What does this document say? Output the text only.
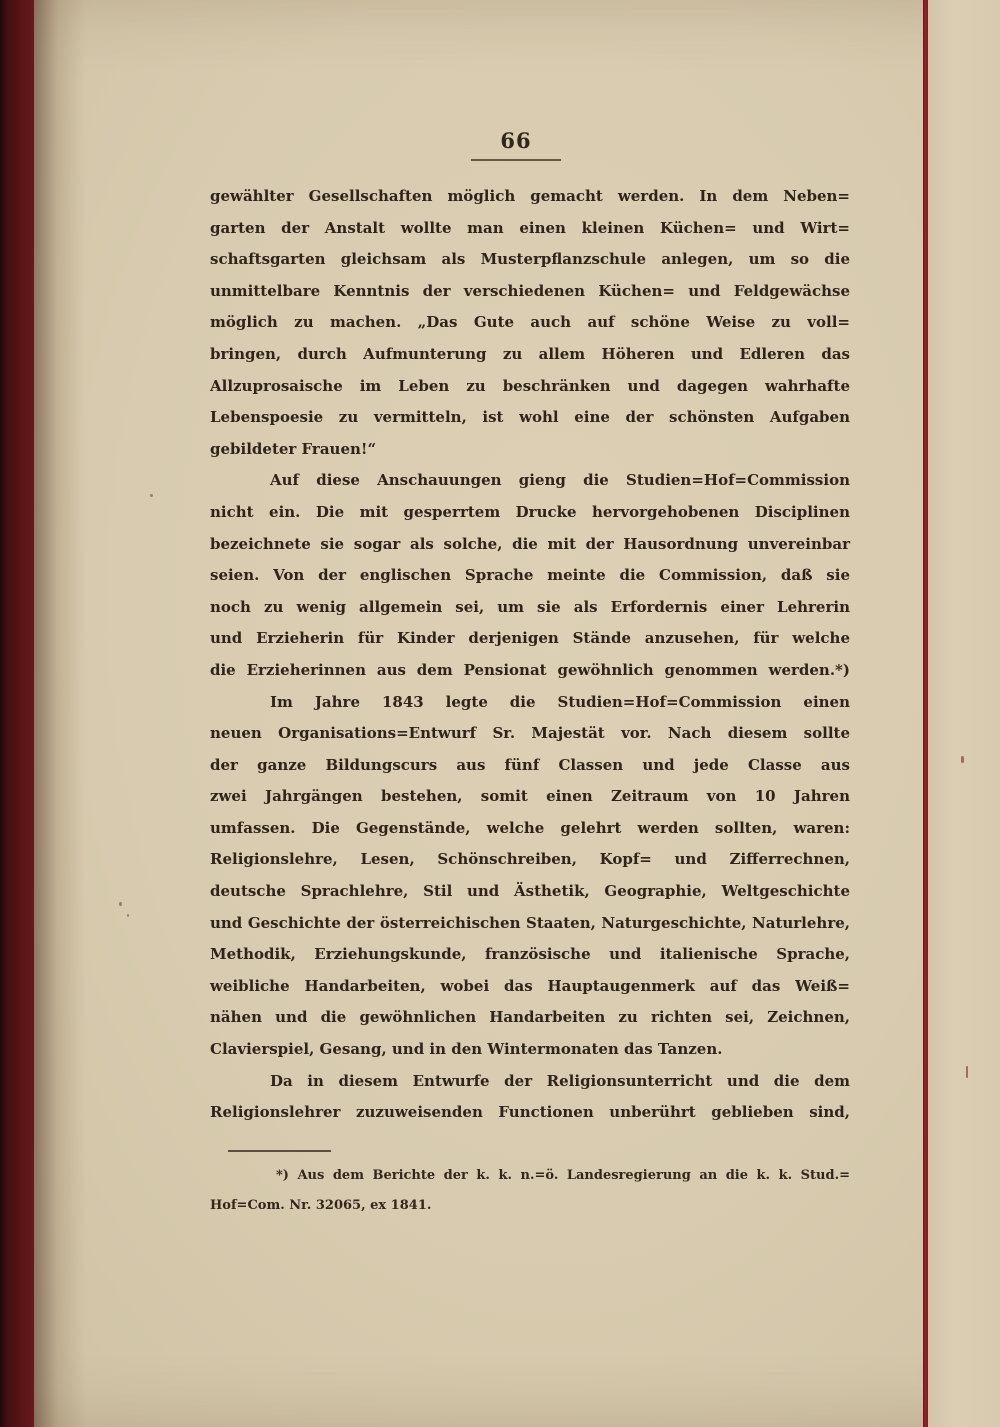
66
gewählter Gesellschaften möglich gemacht werden. In dem Neben=
garten der Anstalt wollte man einen kleinen Küchen= und Wirt=
schaftsgarten gleichsam als Musterpflanzschule anlegen, um so die
unmittelbare Kenntnis der verschiedenen Küchen= und Feldgewächse
möglich zu machen. „Das Gute auch auf schöne Weise zu voll=
bringen, durch Aufmunterung zu allem Höheren und Edleren das
Allzuprosaische im Leben zu beschränken und dagegen wahrhafte
Lebenspoesie zu vermitteln, ist wohl eine der schönsten Aufgaben
gebildeter Frauen!“
Auf diese Anschauungen gieng die Studien=Hof=Commission
nicht ein. Die mit gesperrtem Drucke hervorgehobenen Disciplinen
bezeichnete sie sogar als solche, die mit der Hausordnung unvereinbar
seien. Von der englischen Sprache meinte die Commission, daß sie
noch zu wenig allgemein sei, um sie als Erfordernis einer Lehrerin
und Erzieherin für Kinder derjenigen Stände anzusehen, für welche
die Erzieherinnen aus dem Pensionat gewöhnlich genommen werden.*)
Im Jahre 1843 legte die Studien=Hof=Commission einen
neuen Organisations=Entwurf Sr. Majestät vor. Nach diesem sollte
der ganze Bildungscurs aus fünf Classen und jede Classe aus
zwei Jahrgängen bestehen, somit einen Zeitraum von 10 Jahren
umfassen. Die Gegenstände, welche gelehrt werden sollten, waren:
Religionslehre, Lesen, Schönschreiben, Kopf= und Zifferrechnen,
deutsche Sprachlehre, Stil und Ästhetik, Geographie, Weltgeschichte
und Geschichte der österreichischen Staaten, Naturgeschichte, Naturlehre,
Methodik, Erziehungskunde, französische und italienische Sprache,
weibliche Handarbeiten, wobei das Hauptaugenmerk auf das Weiß=
nähen und die gewöhnlichen Handarbeiten zu richten sei, Zeichnen,
Clavierspiel, Gesang, und in den Wintermonaten das Tanzen.
Da in diesem Entwurfe der Religionsunterricht und die dem
Religionslehrer zuzuweisenden Functionen unberührt geblieben sind,
*) Aus dem Berichte der k. k. n.=ö. Landesregierung an die k. k. Stud.=
Hof=Com. Nr. 32065, ex 1841.
